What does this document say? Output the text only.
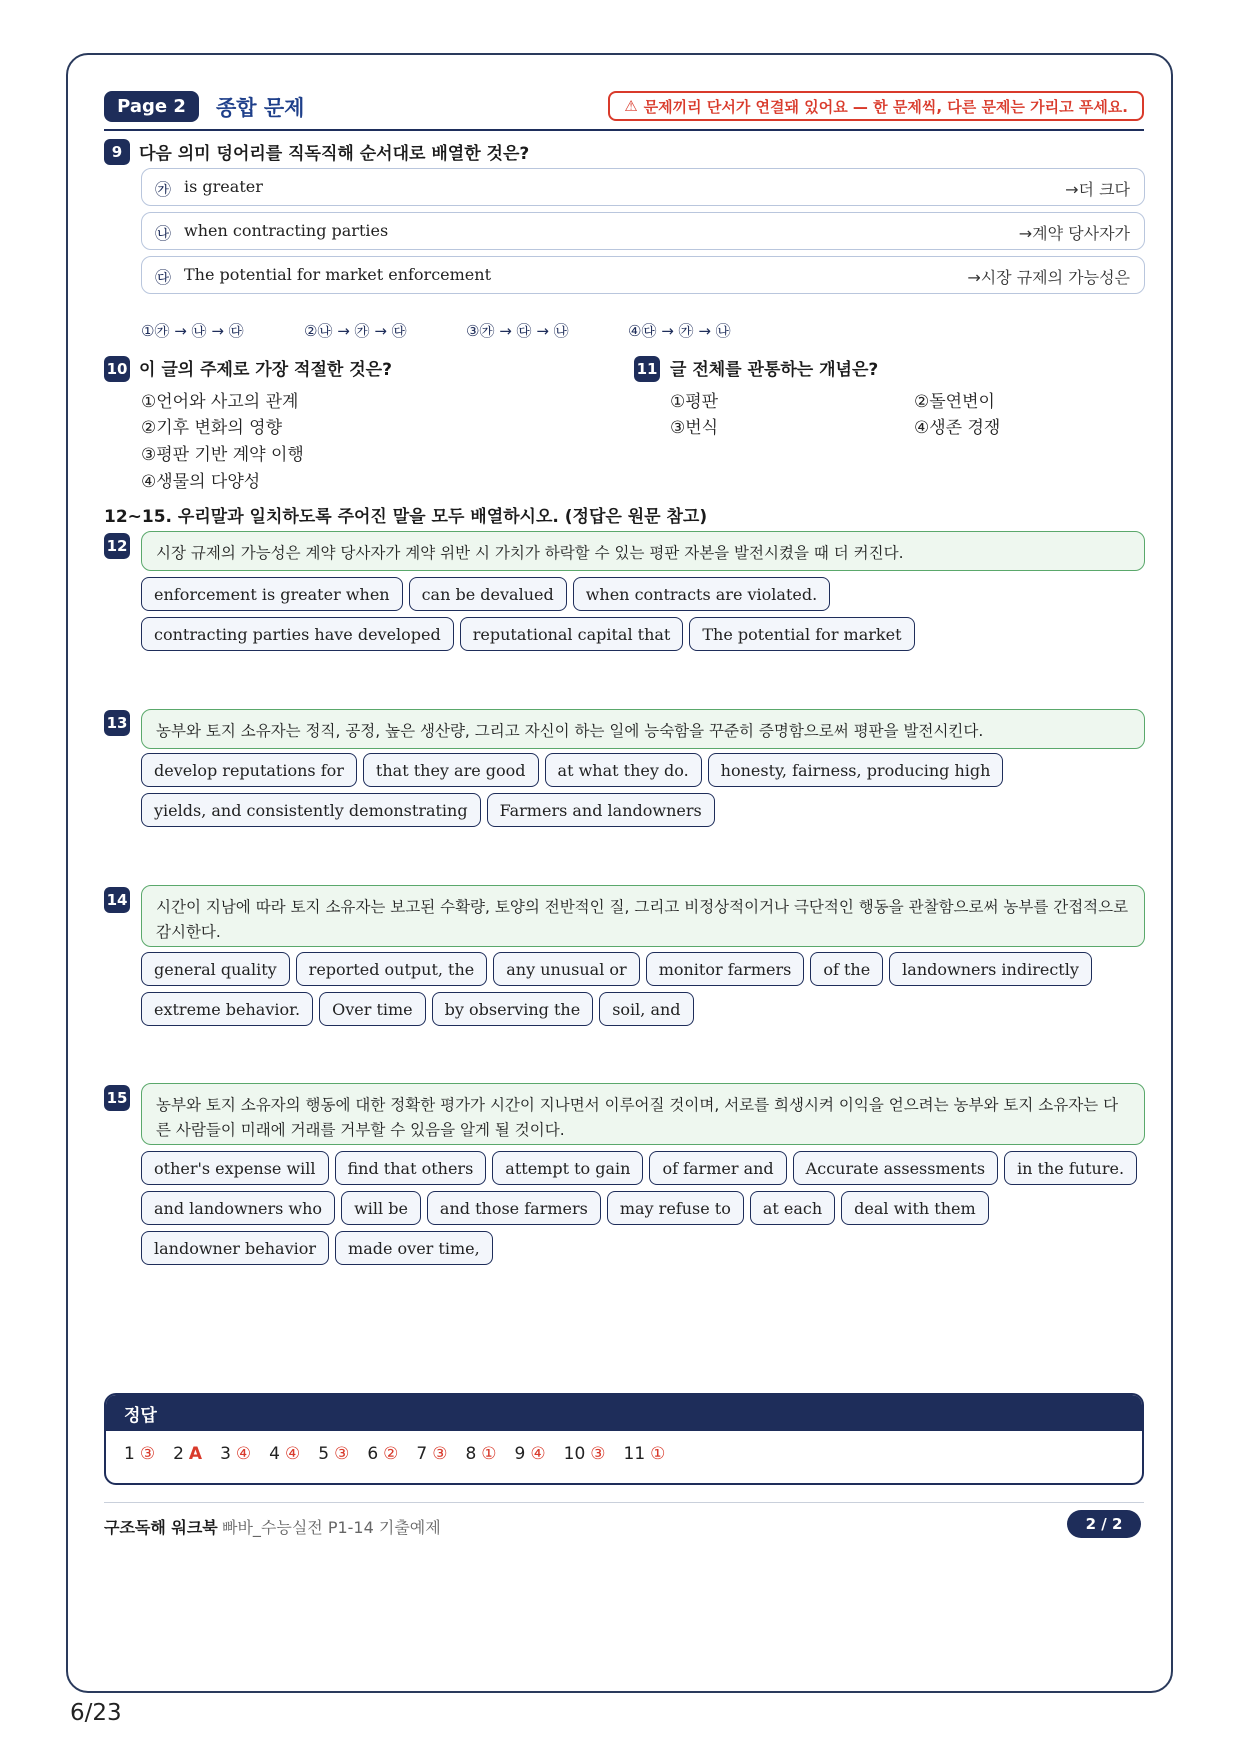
Page 2	종합 문제	⚠ 문제끼리 단서가 연결돼 있어요 — 한 문제씩, 다른 문제는 가리고 푸세요.
9 다음 의미 덩어리를 직독직해 순서대로 배열한 것은?
㉮ is greater	→더 크다
㉯ when contracting parties	→계약 당사자가
㉰ The potential for market enforcement	→시장 규제의 가능성은
①㉮ → ㉯ → ㉰	②㉯ → ㉮ → ㉰	③㉮ → ㉰ → ㉯	④㉰ → ㉮ → ㉯
10 이 글의 주제로 가장 적절한 것은?
①언어와 사고의 관계
②기후 변화의 영향
③평판 기반 계약 이행
④생물의 다양성
11 글 전체를 관통하는 개념은?
①평판	②돌연변이
③번식	④생존 경쟁
12~15. 우리말과 일치하도록 주어진 말을 모두 배열하시오. (정답은 원문 참고)
12	시장 규제의 가능성은 계약 당사자가 계약 위반 시 가치가 하락할 수 있는 평판 자본을 발전시켰을 때 더 커진다.
enforcement is greater when	can be devalued	when contracts are violated.
contracting parties have developed	reputational capital that	The potential for market
13	농부와 토지 소유자는 정직, 공정, 높은 생산량, 그리고 자신이 하는 일에 능숙함을 꾸준히 증명함으로써 평판을 발전시킨다.
develop reputations for	that they are good	at what they do.	honesty, fairness, producing high
yields, and consistently demonstrating	Farmers and landowners
14	시간이 지남에 따라 토지 소유자는 보고된 수확량, 토양의 전반적인 질, 그리고 비정상적이거나 극단적인 행동을 관찰함으로써 농부를 간접적으로 감시한다.
general quality	reported output, the	any unusual or	monitor farmers	of the	landowners indirectly
extreme behavior.	Over time	by observing the	soil, and
15	농부와 토지 소유자의 행동에 대한 정확한 평가가 시간이 지나면서 이루어질 것이며, 서로를 희생시켜 이익을 얻으려는 농부와 토지 소유자는 다른 사람들이 미래에 거래를 거부할 수 있음을 알게 될 것이다.
other's expense will	find that others	attempt to gain	of farmer and	Accurate assessments	in the future.
and landowners who	will be	and those farmers	may refuse to	at each	deal with them
landowner behavior	made over time,
정답
1 ③ 2 A 3 ④ 4 ④ 5 ③ 6 ② 7 ③ 8 ① 9 ④ 10 ③ 11 ①
구조독해 워크북 빠바_수능실전 P1-14 기출예제	2 / 2
6/23
